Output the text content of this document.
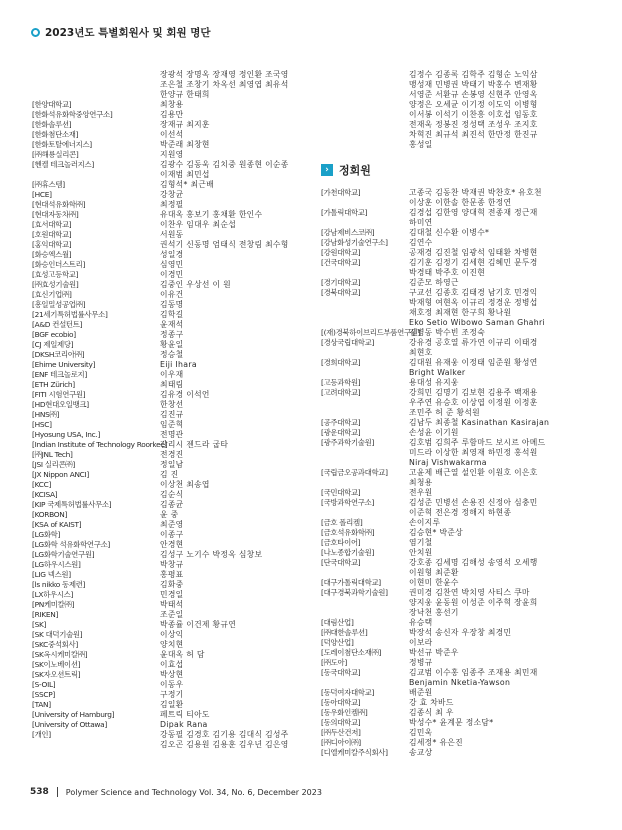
2023년도 특별회원사 및 회원 명단
장광석 장명옥 장재영 정인환 조국영
조은철 조창기 차옥선 최영엽 최유석
한양규 한태희
[한양대학교]	최창용
[한화석유화학중앙연구소]	김용만
[한화솔루션]	장재규 최지훈
[한화첨단소재]	이선석
[한화토탈에너지스]	박준래 최창현
[㈜해룡실리콘]	지원영
[헨켈 테크놀러지스]	김광수 김동욱 김치중 원종현 이순종
이재범 최민섭
[㈜휴스템]	김형석* 최근배
[HCE]	강창균
[현대석유화학㈜]	최정필
[현대자동차㈜]	유대옥 홍보기 홍채환 한인수
[효서대학교]	이찬우 임대우 최순섭
[호원대학교]	서원동
[홍익대학교]	권석기 신동명 엄태식 전창림 최수형
[화승엑스월]	성일경
[화승인더스트리]	심영민
[효성고등학교]	이경민
[㈜효성기술원]	김중인 우상선 이 원
[효신기업㈜]	이유건
[흥일밀성공업㈜]	김동명
[21세기특허법률사무소]	김학길
[A&D 컨설턴트]	윤재석
[BGF ecobio]	정종구
[CJ 제일제당]	황윤일
[DKSH코리아㈜]	정승철
[Ehime University]	Eiji Ihara
[ENF 테크놀로지]	이우재
[ETH Zürich]	최태림
[FITI 시험연구원]	김유경 이석언
[HD현대오일뱅크]	한창선
[HNS㈜]	김진규
[HSC]	임준혁
[Hyosung USA, Inc.]	전명관
[Indian Institute of Technology Roorkee]
갈리시 젠드라 굽타
[㈜JNL Tech]	전경진
[JSI 실리콘㈜]	정일남
[JX Nippon ANCI]	김 진
[KCC]	이상천 최송엽
[KCISA]	김순식
[KIP 국제특허법률사무소]	김종균
[KORBON]	윤 중
[KSA of KAIST]	최준영
[LG화학]	이종구
[LG화학 석유화학연구소]	안경현
[LG화학기술연구원]	김성구 노기수 박정옥 심창보
[LG하우시스원]	박창규
[LIG 넥스원]	홍평표
[ls nikko 동제련]	김화중
[LX하우시스]	민경일
[PN케미칼㈜]	박태석
[RIKEN]	조준일
[SK]	박종률 이건제 황규연
[SK 대덕기술원]	이상익
[SKC중석회사]	양치현
[SK옥시케미칼㈜]	윤대옥 허 담
[SK이노베이션]	이효섭
[SK자오션트릭]	박상현
[S-OIL]	이동우
[SSCP]	구정기
[TAN]	김일환
[University of Hamburg]	페트릭 티아도
[University of Ottawa]	Dipak Rana
[개인]	강동필 김경호 김기용 김대식 김성주
김오곤 김용원 김용훈 김우년 김은영
김정수 김종록 김학주 김형순 노익삼
맹성재 민병권 박태기 박홍수 변재황
서영준 서환규 손봉영 신현주 안영옥
양정은 오세균 이기정 이도익 이병형
이서봉 이석기 이찬흥 이호섭 임동호
전재욱 정봉진 정성택 조성우 조지호
차혁진 최규석 최진석 한만정 한진규
홍성일
› 정회원
[가천대학교]	고종국 김동찬 박재권 박찬호* 유호천
이상훈 이한솔 한문종 한정연
[가톨릭대학교]	김경섭 김한영 양대혁 전종재 정근재
하미연
[강남제비스코㈜]	김대철 신수환 이병수*
[강남화성기술연구소]	김연수
[강원대학교]	공재경 김진철 임광석 임태환 차병현
[건국대학교]	김기훈 김정기 김세현 김혜민 문두경
박경태 박주호 이진현
[경기대학교]	김준모 하영근
[경북대학교]	구교선 김종호 김태경 남기호 민경익
박재형 여현옥 이규리 정경운 정병섭
채호정 최재현 한구희 황나원
Eko Setio Wibowo Saman Ghahri
[(재)경북하이브리드부품연구원]
김병동 박수빈 조정숙
[경상국립대학교]	강유경 공호열 류가연 이규리 이태경
최현호
[경희대학교]	김대원 유재웅 이정태 임준원 황성연
Bright Walker
[고등과학원]	용대성 유지웅
[고려대학교]	강희민 김명기 김보현 김용주 백재용
우주연 유승호 이상엽 이정원 이정훈
조민주 허 준 황석원
[공주대학교]	김남두 최종철 Kasinathan Kasirajan
[광운대학교]	손성윤 이기원
[광주과학기술원]	김호범 김희주 루함마드 보시르 아메드
미드라 이상한 최영재 하민정 홍석원
Niraj Vishwakarma
[국립금오공과대학교]	고윤제 배근열 설인환 이원호 이은호
최청용
[국민대학교]	전우원
[국방과학연구소]	김성준 민병선 손용진 신정아 심충민
이준혁 전은경 정해지 하현종
[금호 폴리켐]	손이지루
[금호석유화학㈜]	김승현* 박준상
[금호타이어]	염기철
[나노종합기술원]	안치원
[단국대학교]	강호종 김세명 김해성 송영석 오세행
이원형 최준환
[대구가톨릭대학교]	이현미 한윤수
[대구경북과학기술원]	권미경 김찬연 박치영 사티스 쿠마
양지웅 윤동원 이성준 이주혁 장윤희
장낙천 홍선기
[대림산업]	유승택
[㈜대한솔루션]	박장석 송신자 우장창 최경민
[덕양산업]	이보라
[도레이첨단소재㈜]	박선규 박준우
[㈜도아]	정병규
[동국대학교]	김교범 이수홍 임종주 조재용 최민재
Benjamin Nketia-Yawson
[동덕여자대학교]	배준원
[동아대학교]	강 효 차바드
[동우화인켐㈜]	김종식 최 우
[동의대학교]	박성수* 윤계문 정소담*
[㈜두산건저]	김민욱
[㈜디아이㈜]	김세정* 유은진
[디엘케미칼주식회사]	송교상
538 Polymer Science and Technology Vol. 34, No. 6, December 2023
